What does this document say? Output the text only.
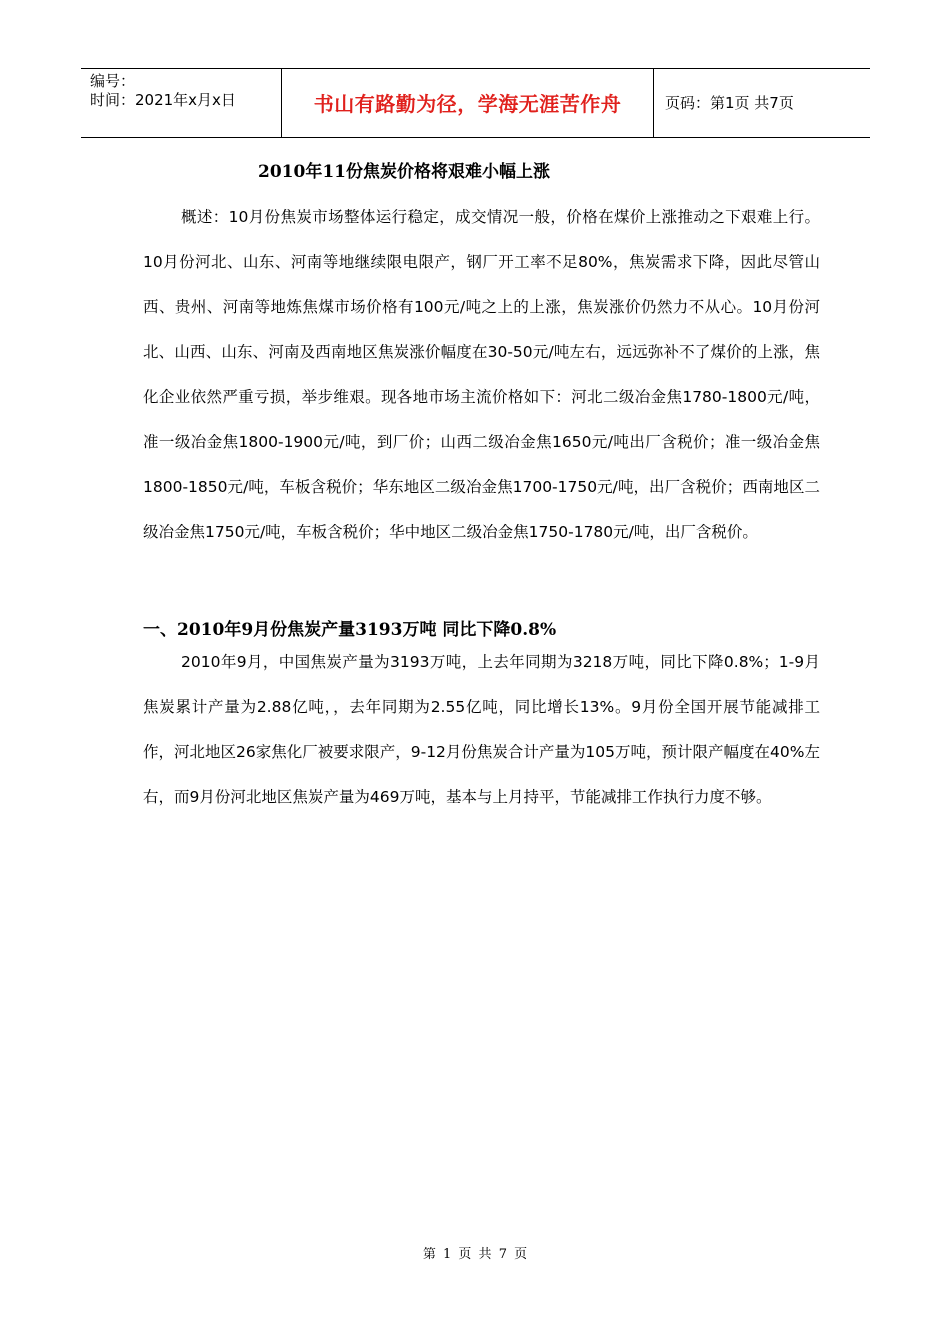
编号：
时间：2021年x月x日	书山有路勤为径，学海无涯苦作舟	页码：第1页 共7页
2010年11份焦炭价格将艰难小幅上涨

概述：10月份焦炭市场整体运行稳定，成交情况一般，价格在煤价上涨推动之下艰难上行。10月份河北、山东、河南等地继续限电限产，钢厂开工率不足80%，焦炭需求下降，因此尽管山西、贵州、河南等地炼焦煤市场价格有100元/吨之上的上涨，焦炭涨价仍然力不从心。10月份河北、山西、山东、河南及西南地区焦炭涨价幅度在30-50元/吨左右，远远弥补不了煤价的上涨，焦化企业依然严重亏损，举步维艰。现各地市场主流价格如下：河北二级冶金焦1780-1800元/吨，准一级冶金焦1800-1900元/吨，到厂价；山西二级冶金焦1650元/吨出厂含税价；准一级冶金焦1800-1850元/吨，车板含税价；华东地区二级冶金焦1700-1750元/吨，出厂含税价；西南地区二级冶金焦1750元/吨，车板含税价；华中地区二级冶金焦1750-1780元/吨，出厂含税价。

一、2010年9月份焦炭产量3193万吨 同比下降0.8%

2010年9月，中国焦炭产量为3193万吨，上去年同期为3218万吨，同比下降0.8%；1-9月焦炭累计产量为2.88亿吨，，去年同期为2.55亿吨，同比增长13%。9月份全国开展节能减排工作，河北地区26家焦化厂被要求限产，9-12月份焦炭合计产量为105万吨，预计限产幅度在40%左右，而9月份河北地区焦炭产量为469万吨，基本与上月持平，节能减排工作执行力度不够。

第 1 页 共 7 页
